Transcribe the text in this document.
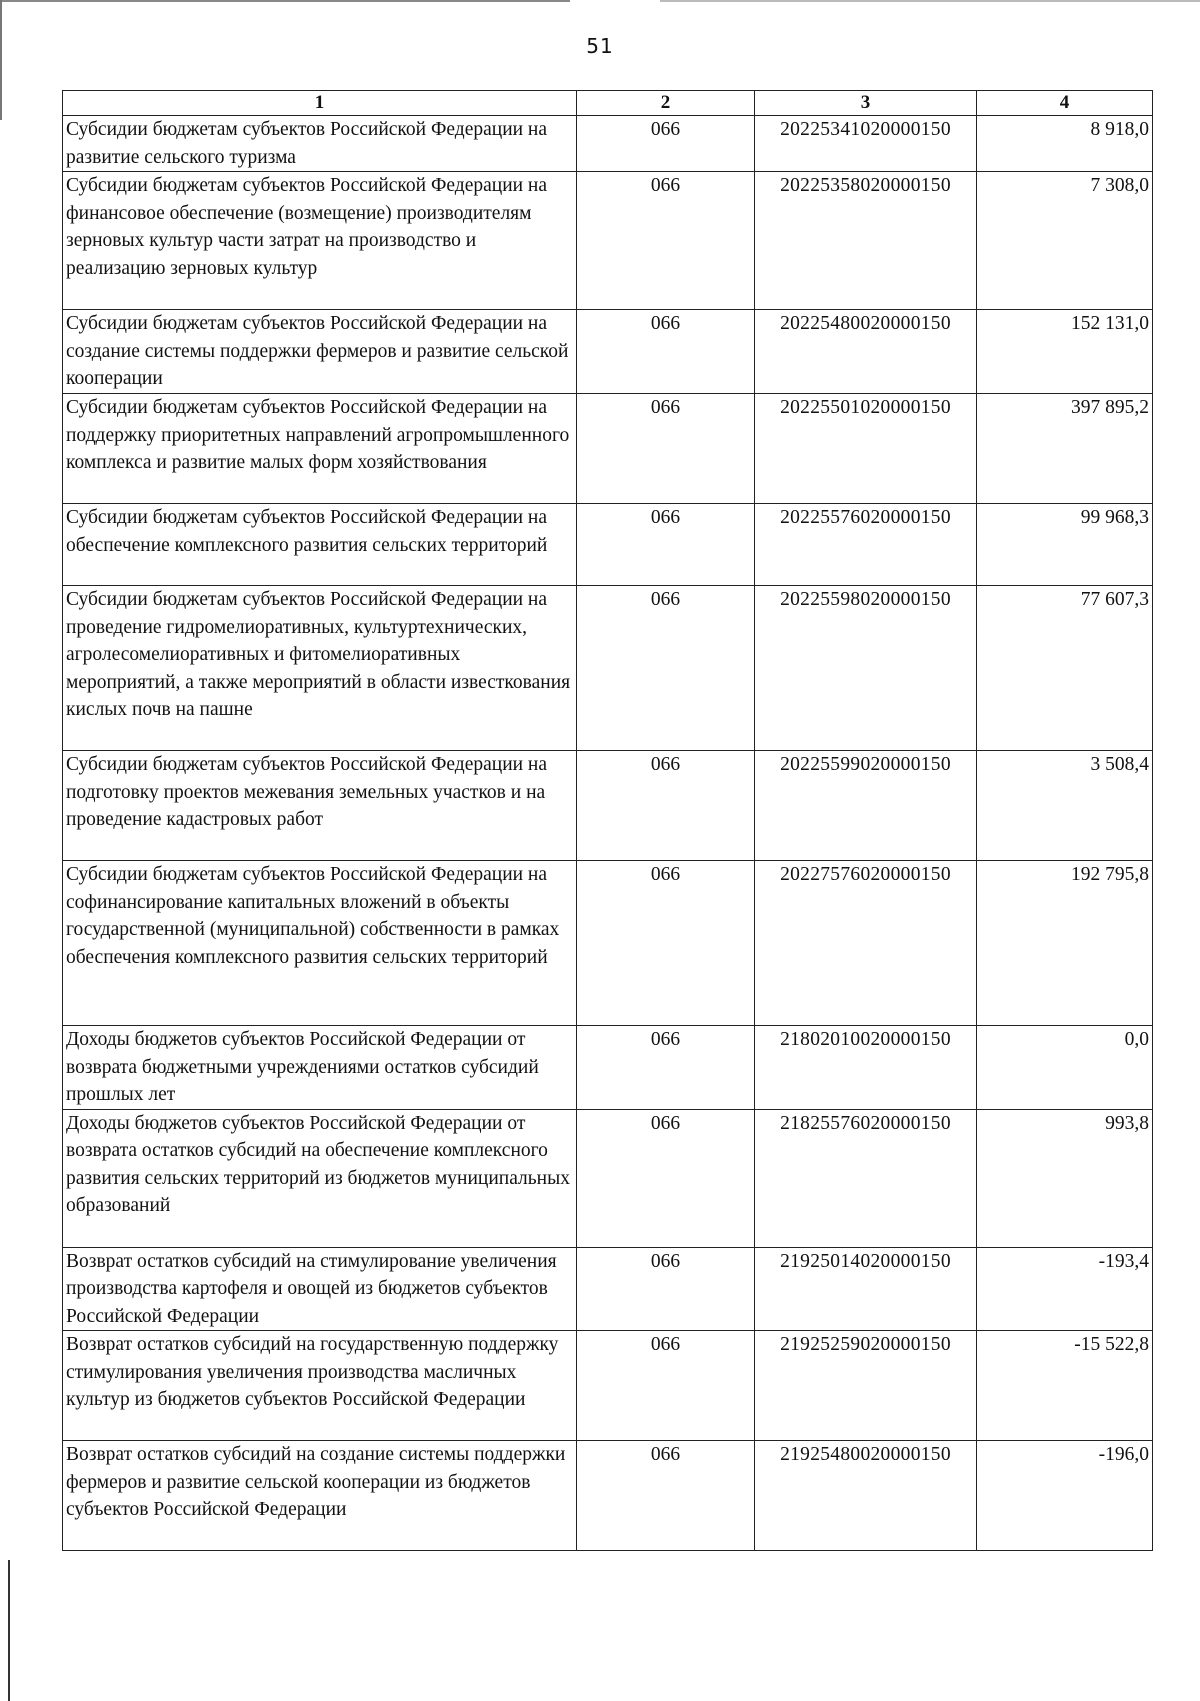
51
1	2	3	4
Субсидии бюджетам субъектов Российской Федерации на развитие сельского туризма	066	20225341020000150	8 918,0
Субсидии бюджетам субъектов Российской Федерации на финансовое обеспечение (возмещение) производителям зерновых культур части затрат на производство и реализацию зерновых культур	066	20225358020000150	7 308,0
Субсидии бюджетам субъектов Российской Федерации на создание системы поддержки фермеров и развитие сельской кооперации	066	20225480020000150	152 131,0
Субсидии бюджетам субъектов Российской Федерации на поддержку приоритетных направлений агропромышленного комплекса и развитие малых форм хозяйствования	066	20225501020000150	397 895,2
Субсидии бюджетам субъектов Российской Федерации на обеспечение комплексного развития сельских территорий	066	20225576020000150	99 968,3
Субсидии бюджетам субъектов Российской Федерации на проведение гидромелиоративных, культуртехнических, агролесомелиоративных и фитомелиоративных мероприятий, а также мероприятий в области известкования кислых почв на пашне	066	20225598020000150	77 607,3
Субсидии бюджетам субъектов Российской Федерации на подготовку проектов межевания земельных участков и на проведение кадастровых работ	066	20225599020000150	3 508,4
Субсидии бюджетам субъектов Российской Федерации на софинансирование капитальных вложений в объекты государственной (муниципальной) собственности в рамках обеспечения комплексного развития сельских территорий	066	20227576020000150	192 795,8
Доходы бюджетов субъектов Российской Федерации от возврата бюджетными учреждениями остатков субсидий прошлых лет	066	21802010020000150	0,0
Доходы бюджетов субъектов Российской Федерации от возврата остатков субсидий на обеспечение комплексного развития сельских территорий из бюджетов муниципальных образований	066	21825576020000150	993,8
Возврат остатков субсидий на стимулирование увеличения производства картофеля и овощей из бюджетов субъектов Российской Федерации	066	21925014020000150	-193,4
Возврат остатков субсидий на государственную поддержку стимулирования увеличения производства масличных культур из бюджетов субъектов Российской Федерации	066	21925259020000150	-15 522,8
Возврат остатков субсидий на создание системы поддержки фермеров и развитие сельской кооперации из бюджетов субъектов Российской Федерации	066	21925480020000150	-196,0
